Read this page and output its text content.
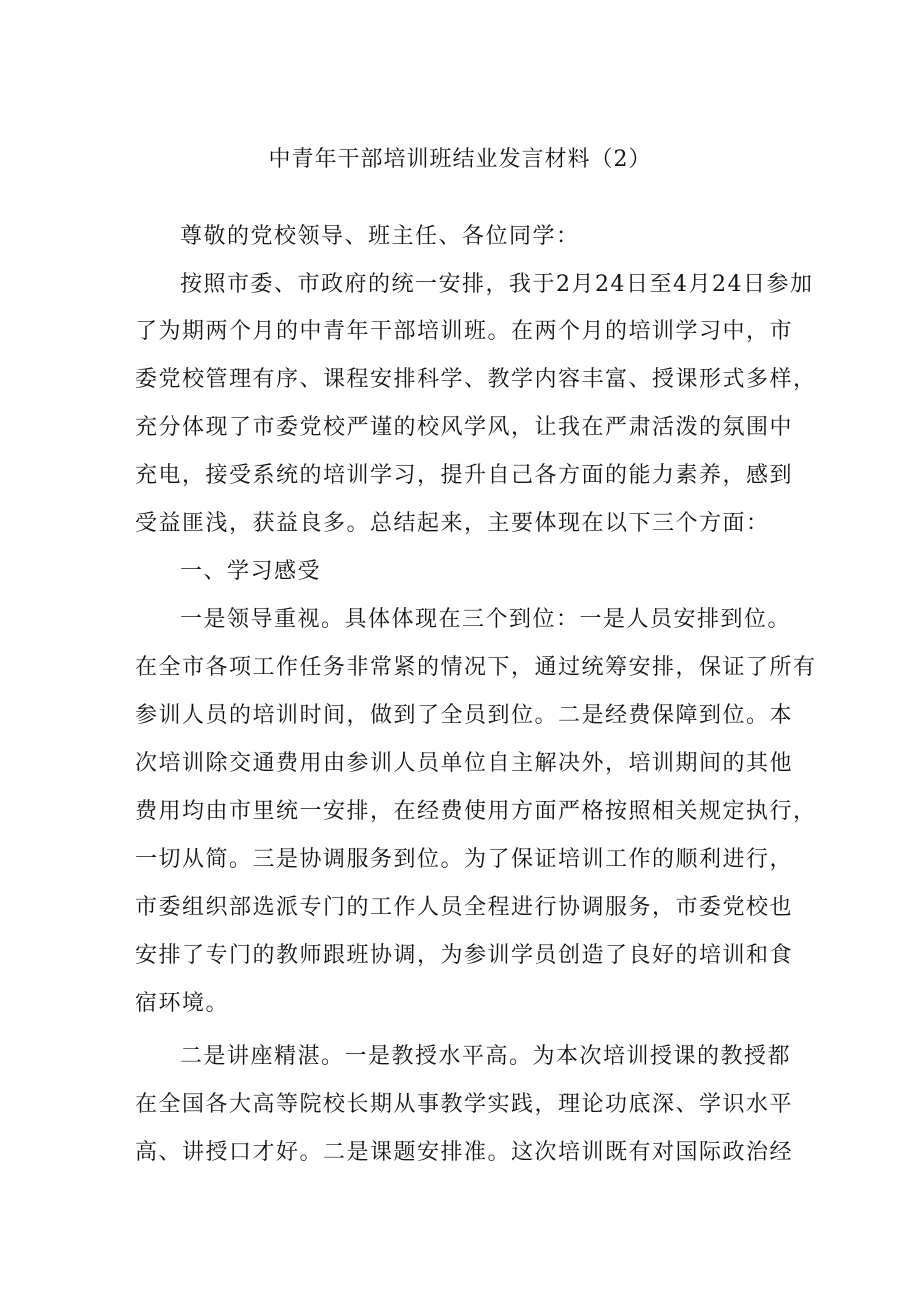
中青年干部培训班结业发言材料（2）
尊敬的党校领导、班主任、各位同学：
按照市委、市政府的统一安排，我于2月24日至4月24日参加
了为期两个月的中青年干部培训班。在两个月的培训学习中，市
委党校管理有序、课程安排科学、教学内容丰富、授课形式多样，
充分体现了市委党校严谨的校风学风，让我在严肃活泼的氛围中
充电，接受系统的培训学习，提升自己各方面的能力素养，感到
受益匪浅，获益良多。总结起来，主要体现在以下三个方面：
一、学习感受
一是领导重视。具体体现在三个到位：一是人员安排到位。
在全市各项工作任务非常紧的情况下，通过统筹安排，保证了所有
参训人员的培训时间，做到了全员到位。二是经费保障到位。本
次培训除交通费用由参训人员单位自主解决外，培训期间的其他
费用均由市里统一安排，在经费使用方面严格按照相关规定执行，
一切从简。三是协调服务到位。为了保证培训工作的顺利进行，
市委组织部选派专门的工作人员全程进行协调服务，市委党校也
安排了专门的教师跟班协调，为参训学员创造了良好的培训和食
宿环境。
二是讲座精湛。一是教授水平高。为本次培训授课的教授都
在全国各大高等院校长期从事教学实践，理论功底深、学识水平
高、讲授口才好。二是课题安排准。这次培训既有对国际政治经
